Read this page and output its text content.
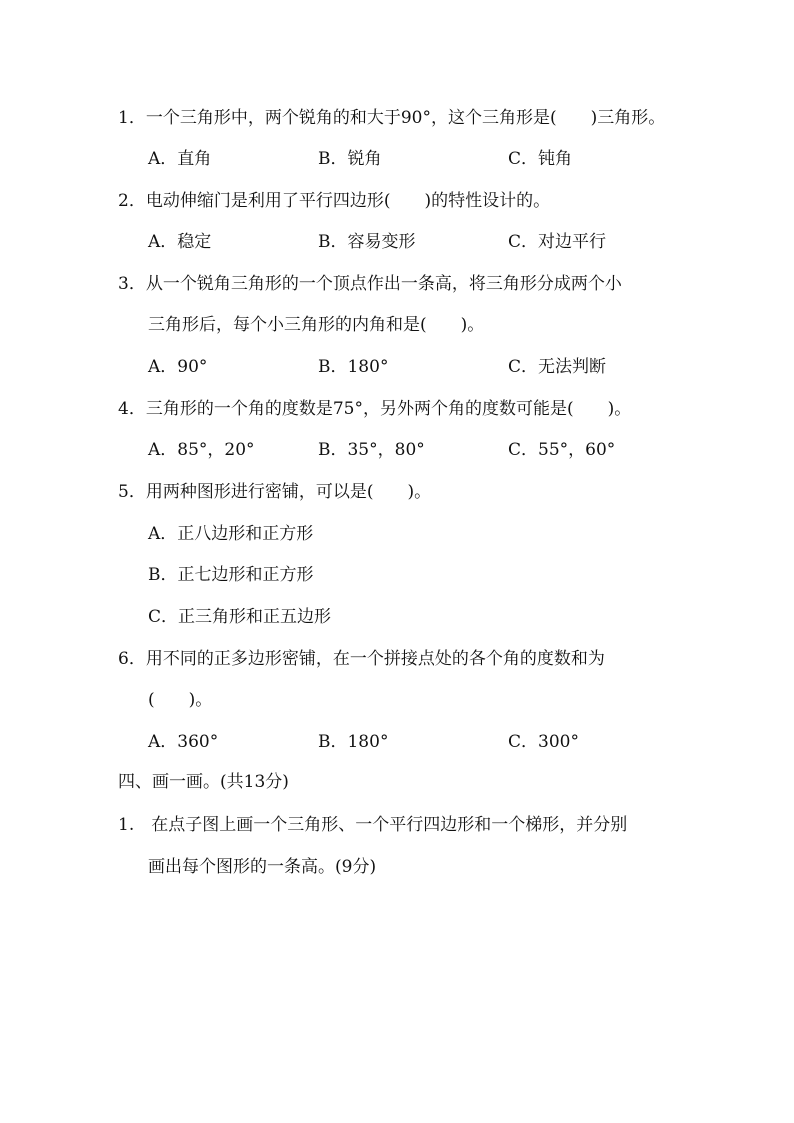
1．一个三角形中，两个锐角的和大于90°，这个三角形是(　　)三角形。
A．直角	B．锐角	C．钝角
2．电动伸缩门是利用了平行四边形(　　)的特性设计的。
A．稳定	B．容易变形	C．对边平行
3．从一个锐角三角形的一个顶点作出一条高，将三角形分成两个小
三角形后，每个小三角形的内角和是(　　)。
A．90°	B．180°	C．无法判断
4．三角形的一个角的度数是75°，另外两个角的度数可能是(　　)。
A．85°，20°	B．35°，80°	C．55°，60°
5．用两种图形进行密铺，可以是(　　)。
A．正八边形和正方形
B．正七边形和正方形
C．正三角形和正五边形
6．用不同的正多边形密铺，在一个拼接点处的各个角的度数和为
(　　)。
A．360°	B．180°	C．300°
四、画一画。(共13分)
1.　在点子图上画一个三角形、一个平行四边形和一个梯形，并分别
画出每个图形的一条高。(9分)
